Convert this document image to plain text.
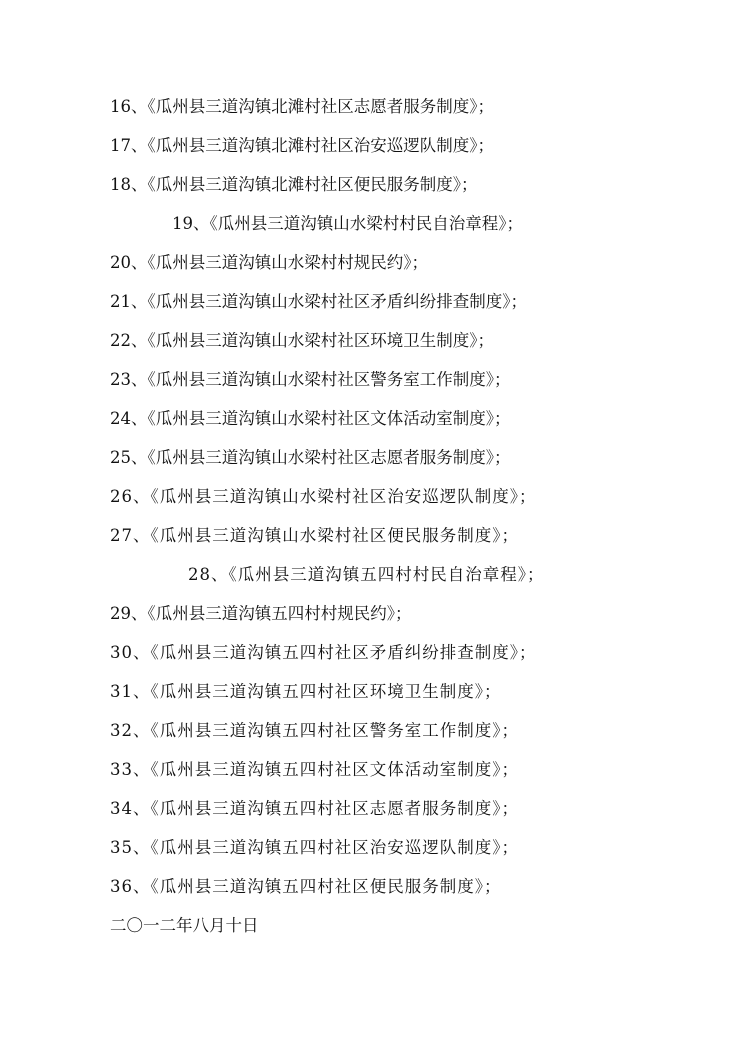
16、《瓜州县三道沟镇北滩村社区志愿者服务制度》；
17、《瓜州县三道沟镇北滩村社区治安巡逻队制度》；
18、《瓜州县三道沟镇北滩村社区便民服务制度》；
19、《瓜州县三道沟镇山水梁村村民自治章程》；
20、《瓜州县三道沟镇山水梁村村规民约》；
21、《瓜州县三道沟镇山水梁村社区矛盾纠纷排查制度》；
22、《瓜州县三道沟镇山水梁村社区环境卫生制度》；
23、《瓜州县三道沟镇山水梁村社区警务室工作制度》；
24、《瓜州县三道沟镇山水梁村社区文体活动室制度》；
25、《瓜州县三道沟镇山水梁村社区志愿者服务制度》；
26、《瓜州县三道沟镇山水梁村社区治安巡逻队制度》；
27、《瓜州县三道沟镇山水梁村社区便民服务制度》；
28、《瓜州县三道沟镇五四村村民自治章程》；
29、《瓜州县三道沟镇五四村村规民约》；
30、《瓜州县三道沟镇五四村社区矛盾纠纷排查制度》；
31、《瓜州县三道沟镇五四村社区环境卫生制度》；
32、《瓜州县三道沟镇五四村社区警务室工作制度》；
33、《瓜州县三道沟镇五四村社区文体活动室制度》；
34、《瓜州县三道沟镇五四村社区志愿者服务制度》；
35、《瓜州县三道沟镇五四村社区治安巡逻队制度》；
36、《瓜州县三道沟镇五四村社区便民服务制度》；
二〇一二年八月十日
